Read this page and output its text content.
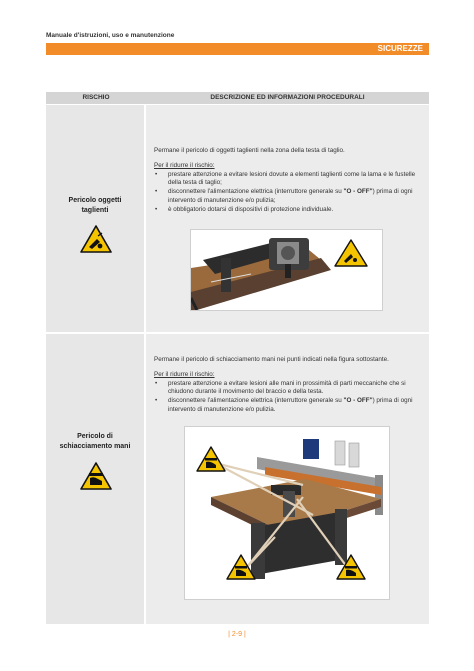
Manuale d'istruzioni, uso e manutenzione
SICUREZZE
RISCHIO	DESCRIZIONE ED INFORMAZIONI PROCEDURALI
Pericolo oggetti
taglienti

Permane il pericolo di oggetti taglienti nella zona della testa di taglio.

Per il ridurre il rischio:

• prestare attenzione a evitare lesioni dovute a elementi taglienti come la lama e le fustelle della testa di taglio;
• disconnettere l'alimentazione elettrica (interruttore generale su "O - OFF") prima di ogni intervento di manutenzione e/o pulizia;
• è obbligatorio dotarsi di dispositivi di protezione individuale.
Pericolo di
schiacciamento mani

Permane il pericolo di schiacciamento mani nei punti indicati nella figura sottostante.

Per il ridurre il rischio:

• prestare attenzione a evitare lesioni alle mani in prossimità di parti meccaniche che si chiudono durante il movimento del braccio e della testa.
• disconnettere l'alimentazione elettrica (interruttore generale su "O - OFF") prima di ogni intervento di manutenzione e/o pulizia.
| 2-9 |
